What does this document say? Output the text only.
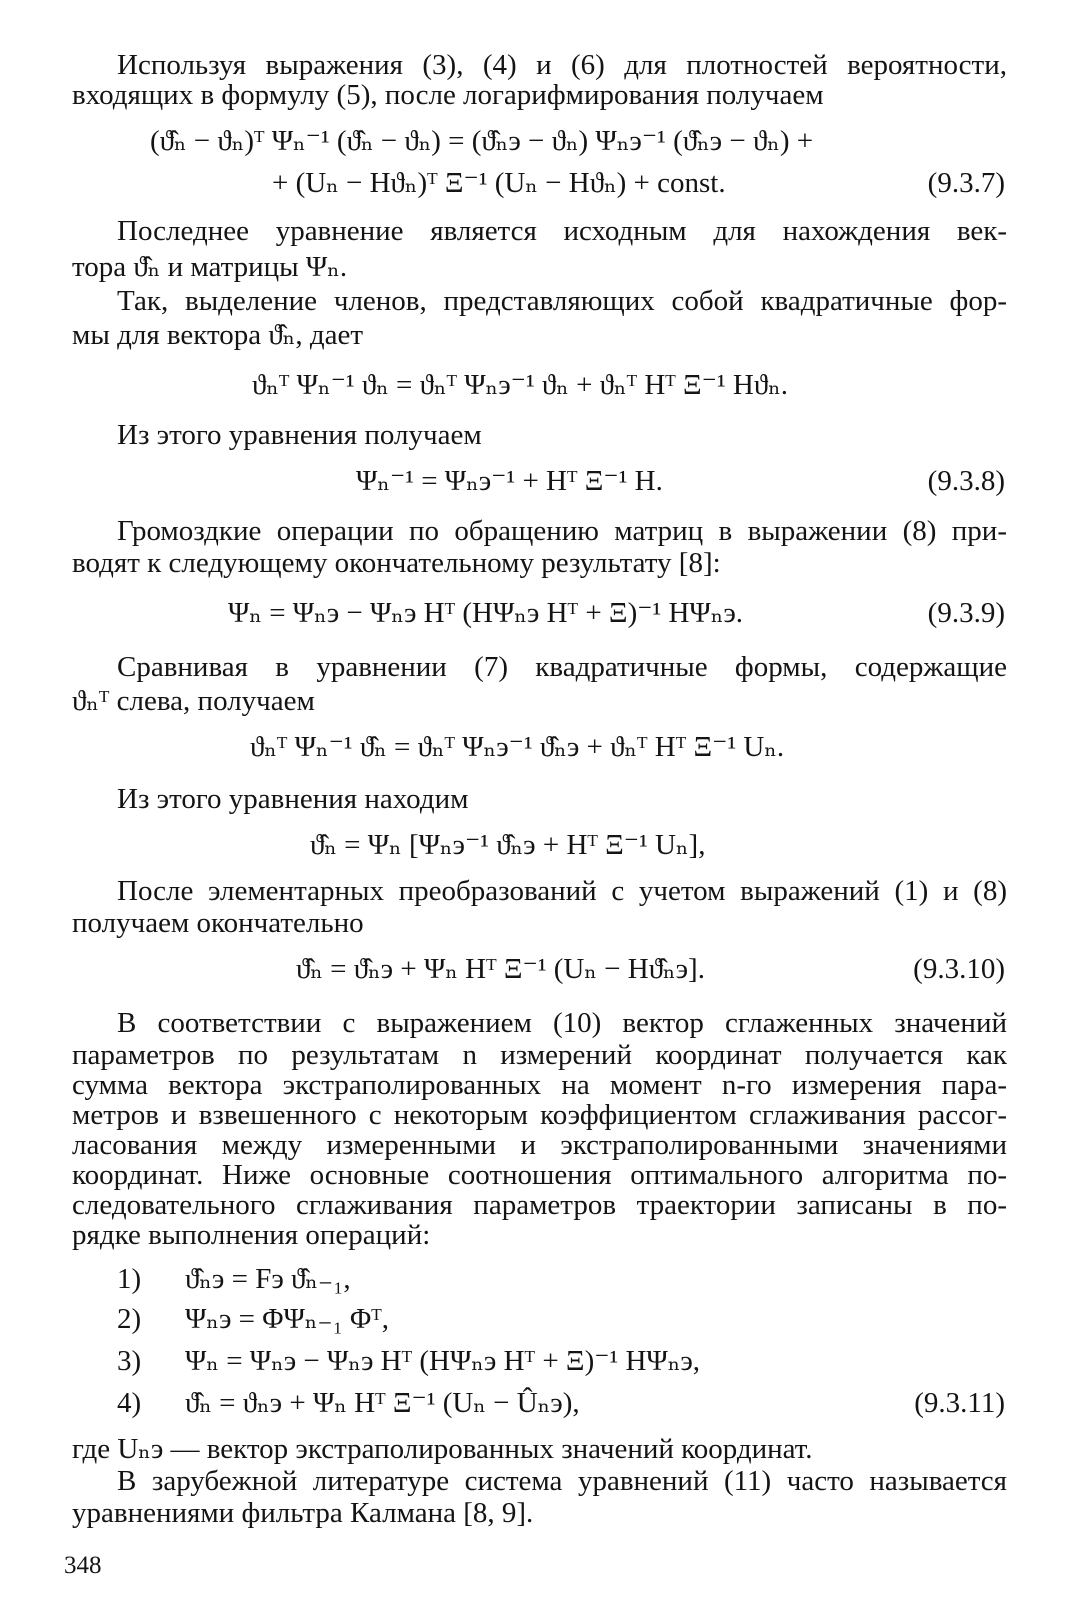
Используя выражения (3), (4) и (6) для плотностей вероятности,
входящих в формулу (5), после логарифмирования получаем
(ϑ̂ₙ − ϑₙ)ᵀ Ψₙ⁻¹ (ϑ̂ₙ − ϑₙ) = (ϑ̂ₙэ − ϑₙ) Ψₙэ⁻¹ (ϑ̂ₙэ − ϑₙ) +
+ (Uₙ − Hϑₙ)ᵀ Ξ⁻¹ (Uₙ − Hϑₙ) + const.	(9.3.7)
Последнее уравнение является исходным для нахождения век-
тора ϑ̂ₙ и матрицы Ψₙ.
Так, выделение членов, представляющих собой квадратичные фор-
мы для вектора ϑ̂ₙ, дает
ϑₙᵀ Ψₙ⁻¹ ϑₙ = ϑₙᵀ Ψₙэ⁻¹ ϑₙ + ϑₙᵀ Hᵀ Ξ⁻¹ Hϑₙ.
Из этого уравнения получаем
Ψₙ⁻¹ = Ψₙэ⁻¹ + Hᵀ Ξ⁻¹ H.	(9.3.8)
Громоздкие операции по обращению матриц в выражении (8) при-
водят к следующему окончательному результату [8]:
Ψₙ = Ψₙэ − Ψₙэ Hᵀ (HΨₙэ Hᵀ + Ξ)⁻¹ HΨₙэ.	(9.3.9)
Сравнивая в уравнении (7) квадратичные формы, содержащие
ϑₙᵀ слева, получаем
ϑₙᵀ Ψₙ⁻¹ ϑ̂ₙ = ϑₙᵀ Ψₙэ⁻¹ ϑ̂ₙэ + ϑₙᵀ Hᵀ Ξ⁻¹ Uₙ.
Из этого уравнения находим
ϑ̂ₙ = Ψₙ [Ψₙэ⁻¹ ϑ̂ₙэ + Hᵀ Ξ⁻¹ Uₙ],
После элементарных преобразований с учетом выражений (1) и (8)
получаем окончательно
ϑ̂ₙ = ϑ̂ₙэ + Ψₙ Hᵀ Ξ⁻¹ (Uₙ − Hϑ̂ₙэ].	(9.3.10)
В соответствии с выражением (10) вектор сглаженных значений
параметров по результатам n измерений координат получается как
сумма вектора экстраполированных на момент n-го измерения пара-
метров и взвешенного с некоторым коэффициентом сглаживания рассог-
ласования между измеренными и экстраполированными значениями
координат. Ниже основные соотношения оптимального алгоритма по-
следовательного сглаживания параметров траектории записаны в по-
рядке выполнения операций:
1) ϑ̂ₙэ = Fэ ϑ̂ₙ₋₁,
2) Ψₙэ = ΦΨₙ₋₁ Φᵀ,
3) Ψₙ = Ψₙэ − Ψₙэ Hᵀ (HΨₙэ Hᵀ + Ξ)⁻¹ HΨₙэ,
4) ϑ̂ₙ = ϑₙэ + Ψₙ Hᵀ Ξ⁻¹ (Uₙ − Ûₙэ),	(9.3.11)
где Uₙэ — вектор экстраполированных значений координат.
В зарубежной литературе система уравнений (11) часто называется
уравнениями фильтра Калмана [8, 9].
348
